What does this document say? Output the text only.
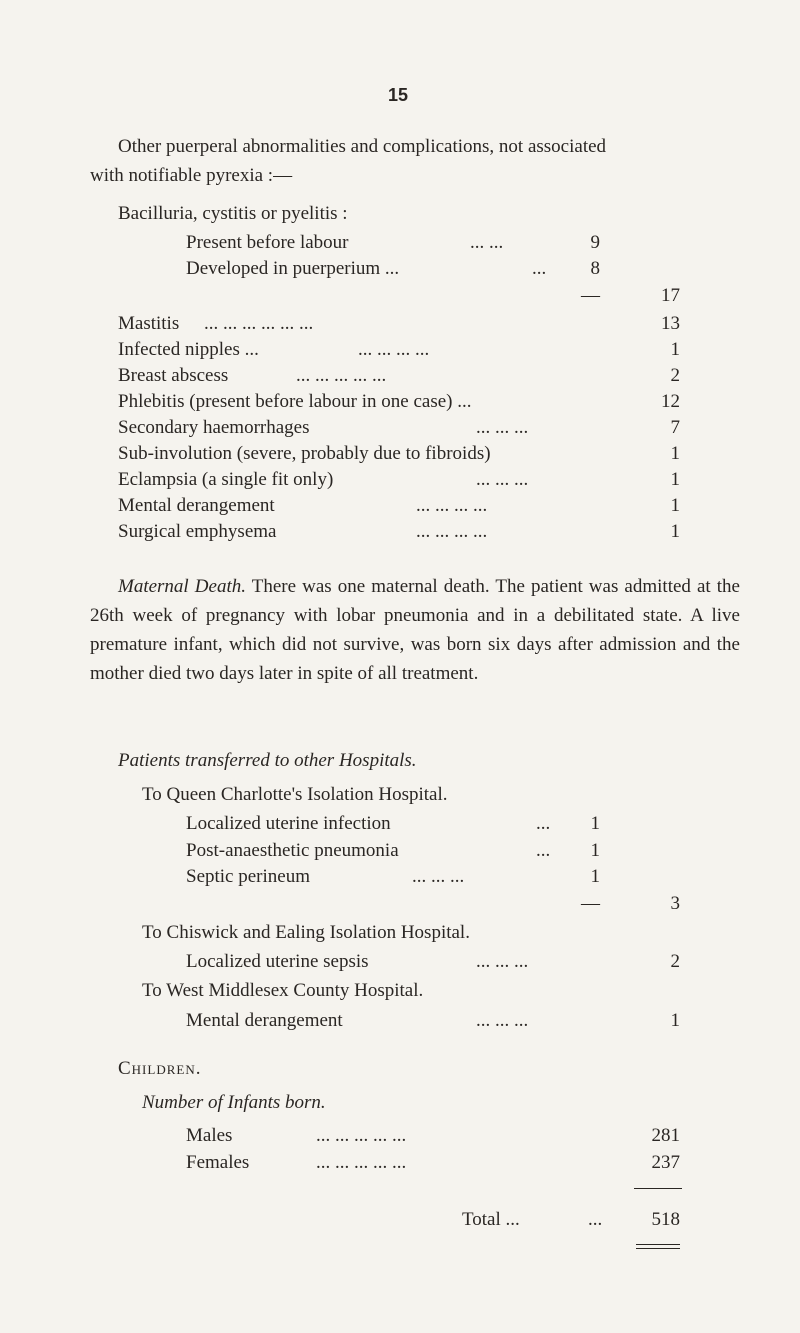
15
Other puerperal abnormalities and complications, not associated
with notifiable pyrexia :—
Bacilluria, cystitis or pyelitis :
Present before labour	... ...	9
Developed in puerperium ...	...	8
—	17
Mastitis ... ... ... ... ... ...	13
Infected nipples ...	... ... ... ...	1
Breast abscess	... ... ... ... ...	2
Phlebitis (present before labour in one case) ...	12
Secondary haemorrhages	... ... ...	7
Sub-involution (severe, probably due to fibroids)	1
Eclampsia (a single fit only)	... ... ...	1
Mental derangement	... ... ... ...	1
Surgical emphysema	... ... ... ...	1

Maternal Death. There was one maternal death. The patient was admitted at the 26th week of pregnancy with lobar pneumonia and in a debilitated state. A live premature infant, which did not survive, was born six days after admission and the mother died two days later in spite of all treatment.

Patients transferred to other Hospitals.
To Queen Charlotte's Isolation Hospital.
Localized uterine infection	...	1
Post-anaesthetic pneumonia	...	1
Septic perineum	... ... ...	1
—	3
To Chiswick and Ealing Isolation Hospital.
Localized uterine sepsis	... ... ...	2
To West Middlesex County Hospital.
Mental derangement	... ... ...	1
Children.
Number of Infants born.
Males	... ... ... ... ...	281
Females	... ... ... ... ...	237
Total ...	...	518
